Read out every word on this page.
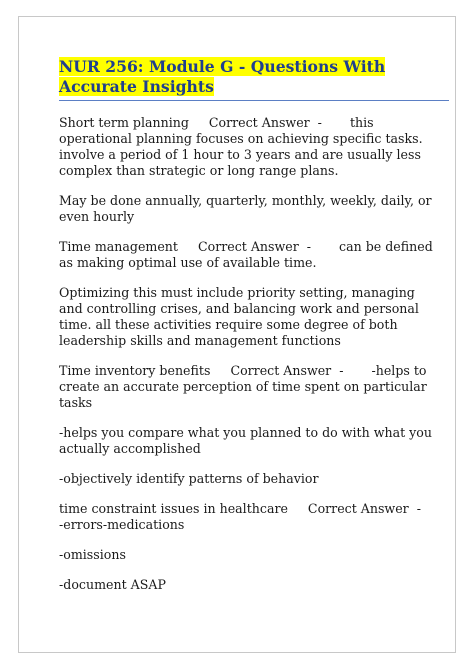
NUR 256: Module G - Questions With Accurate Insights

Short term planning     Correct Answer  -       this operational planning focuses on achieving specific tasks. involve a period of 1 hour to 3 years and are usually less complex than strategic or long range plans.

May be done annually, quarterly, monthly, weekly, daily, or even hourly

Time management     Correct Answer  -       can be defined as making optimal use of available time.

Optimizing this must include priority setting, managing and controlling crises, and balancing work and personal time. all these activities require some degree of both leadership skills and management functions

Time inventory benefits     Correct Answer  -       -helps to create an accurate perception of time spent on particular tasks

-helps you compare what you planned to do with what you actually accomplished

-objectively identify patterns of behavior

time constraint issues in healthcare     Correct Answer  -       -errors-medications

-omissions

-document ASAP
